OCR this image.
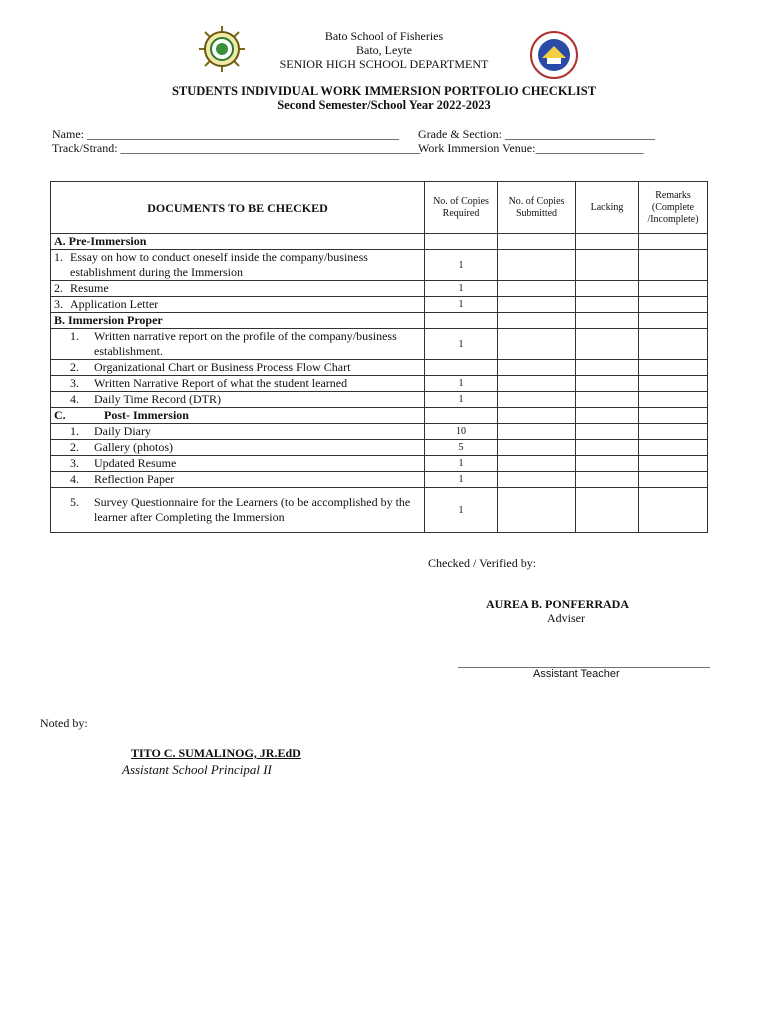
Bato School of Fisheries
Bato, Leyte
SENIOR HIGH SCHOOL DEPARTMENT
STUDENTS INDIVIDUAL WORK IMMERSION PORTFOLIO CHECKLIST
Second Semester/School Year 2022-2023
Name: ____________________________________________________ Grade & Section: _________________________
Track/Strand: __________________________________________________
Work Immersion Venue:__________________
DOCUMENTS TO BE CHECKED	No. of Copies Required	No. of Copies Submitted	Lacking	Remarks (Complete /Incomplete)
A. Pre-Immersion				

1. Essay on how to conduct oneself inside the company/business establishment during the Immersion	1			

2. Resume	1			

3. Application Letter	1			
B. Immersion Proper				

1. Written narrative report on the profile of the company/business establishment.	1			

2. Organizational Chart or Business Process Flow Chart				

3. Written Narrative Report of what the student learned	1			

4. Daily Time Record (DTR)	1			
C. Post- Immersion				

1. Daily Diary	10			

2. Gallery (photos)	5			

3. Updated Resume	1			

4. Reflection Paper	1			

5. Survey Questionnaire for the Learners (to be accomplished by the learner after Completing the Immersion	1			
Checked / Verified by:
AUREA B. PONFERRADA
Adviser
__________________________________________
Assistant Teacher
Noted by:
TITO C. SUMALINOG, JR.EdD
Assistant School Principal II
